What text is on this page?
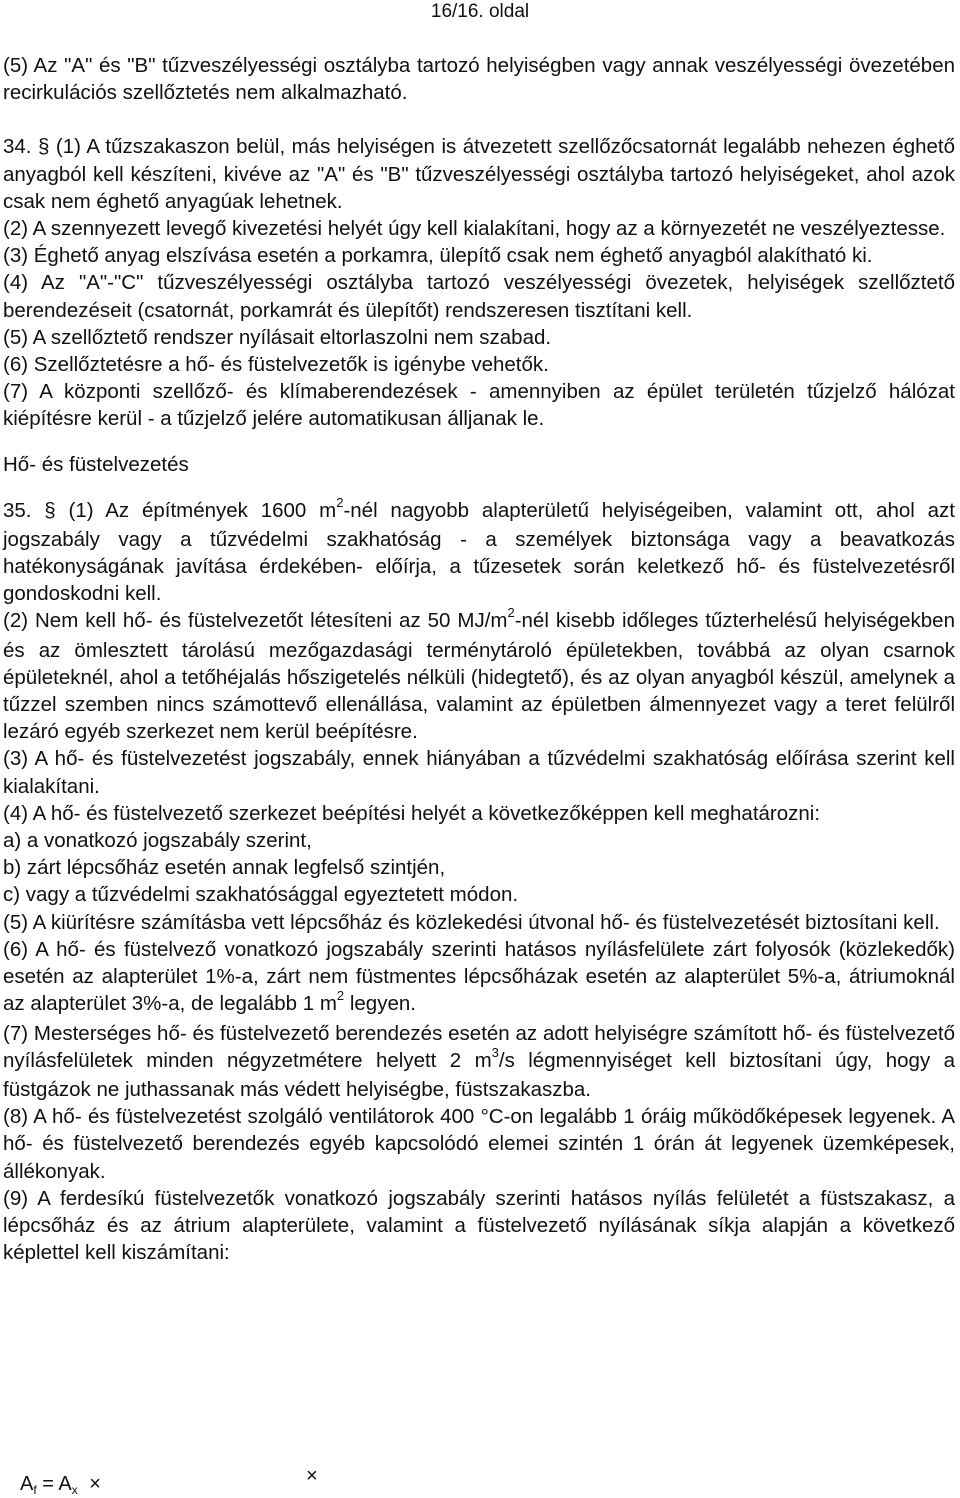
16/16. oldal

(5) Az "A" és "B" tűzveszélyességi osztályba tartozó helyiségben vagy annak veszélyességi övezetében recirkulációs szellőztetés nem alkalmazható.

34. § (1) A tűzszakaszon belül, más helyiségen is átvezetett szellőzőcsatornát legalább nehezen éghető anyagból kell készíteni, kivéve az "A" és "B" tűzveszélyességi osztályba tartozó helyiségeket, ahol azok csak nem éghető anyagúak lehetnek.

(2) A szennyezett levegő kivezetési helyét úgy kell kialakítani, hogy az a környezetét ne veszélyeztesse.

(3) Éghető anyag elszívása esetén a porkamra, ülepítő csak nem éghető anyagból alakítható ki.

(4) Az "A"-"C" tűzveszélyességi osztályba tartozó veszélyességi övezetek, helyiségek szellőztető berendezéseit (csatornát, porkamrát és ülepítőt) rendszeresen tisztítani kell.

(5) A szellőztető rendszer nyílásait eltorlaszolni nem szabad.

(6) Szellőztetésre a hő- és füstelvezetők is igénybe vehetők.

(7) A központi szellőző- és klímaberendezések - amennyiben az épület területén tűzjelző hálózat kiépítésre kerül - a tűzjelző jelére automatikusan álljanak le.

Hő- és füstelvezetés

35. § (1) Az építmények 1600 $m^2$-nél nagyobb alapterületű helyiségeiben, valamint ott, ahol azt jogszabály vagy a tűzvédelmi szakhatóság - a személyek biztonsága vagy a beavatkozás hatékonyságának javítása érdekében- előírja, a tűzesetek során keletkező hő- és füstelvezetésről gondoskodni kell.

(2) Nem kell hő- és füstelvezetőt létesíteni az 50 $MJ/m^2$-nél kisebb időleges tűzterhelésű helyiségekben és az ömlesztett tárolású mezőgazdasági terménytároló épületekben, továbbá az olyan csarnok épületeknél, ahol a tetőhéjalás hőszigetelés nélküli (hidegtető), és az olyan anyagból készül, amelynek a tűzzel szemben nincs számottevő ellenállása, valamint az épületben álmennyezet vagy a teret felülről lezáró egyéb szerkezet nem kerül beépítésre.

(3) A hő- és füstelvezetést jogszabály, ennek hiányában a tűzvédelmi szakhatóság előírása szerint kell kialakítani.

(4) A hő- és füstelvezető szerkezet beépítési helyét a következőképpen kell meghatározni:

a) a vonatkozó jogszabály szerint,

b) zárt lépcsőház esetén annak legfelső szintjén,

c) vagy a tűzvédelmi szakhatósággal egyeztetett módon.

(5) A kiürítésre számításba vett lépcsőház és közlekedési útvonal hő- és füstelvezetését biztosítani kell.

(6) A hő- és füstelvező vonatkozó jogszabály szerinti hatásos nyílásfelülete zárt folyosók (közlekedők) esetén az alapterület 1%-a, zárt nem füstmentes lépcsőházak esetén az alapterület 5%-a, átriumoknál az alapterület 3%-a, de legalább 1 $m^2$ legyen.

(7) Mesterséges hő- és füstelvezető berendezés esetén az adott helyiségre számított hő- és füstelvezető nyílásfelületek minden négyzetmétere helyett 2 $m^3/s$ légmennyiséget kell biztosítani úgy, hogy a füstgázok ne juthassanak más védett helyiségbe, füstszakaszba.

(8) A hő- és füstelvezetést szolgáló ventilátorok 400 °C-on legalább 1 óráig működőképesek legyenek. A hő- és füstelvezető berendezés egyéb kapcsolódó elemei szintén 1 órán át legyenek üzemképesek, állékonyak.

(9) A ferdesíkú füstelvezetők vonatkozó jogszabály szerinti hatásos nyílás felületét a füstszakasz, a lépcsőház és az átrium alapterülete, valamint a füstelvezető nyílásának síkja alapján a következő képlettel kell kiszámítani:

$A_f = A_x$ ×	×
